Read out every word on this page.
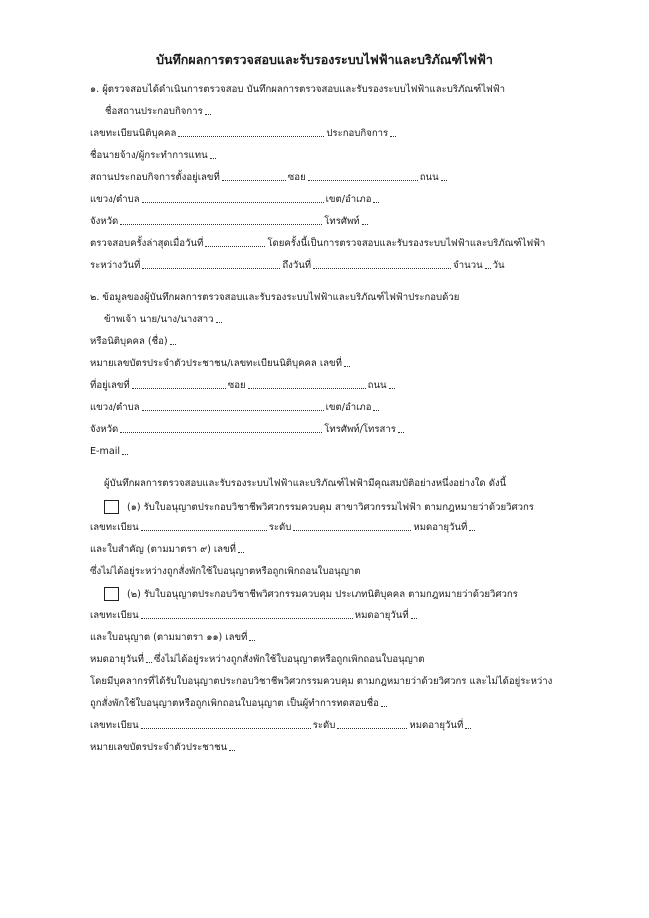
บันทึกผลการตรวจสอบและรับรองระบบไฟฟ้าและบริภัณฑ์ไฟฟ้า
๑. ผู้ตรวจสอบได้ดำเนินการตรวจสอบ บันทึกผลการตรวจสอบและรับรองระบบไฟฟ้าและบริภัณฑ์ไฟฟ้า
ชื่อสถานประกอบกิจการ
เลขทะเบียนนิติบุคคล	ประกอบกิจการ
ชื่อนายจ้าง/ผู้กระทำการแทน
สถานประกอบกิจการตั้งอยู่เลขที่	ซอย	ถนน
แขวง/ตำบล	เขต/อำเภอ
จังหวัด	โทรศัพท์
ตรวจสอบครั้งล่าสุดเมื่อวันที่	โดยครั้งนี้เป็นการตรวจสอบและรับรองระบบไฟฟ้าและบริภัณฑ์ไฟฟ้า
ระหว่างวันที่	ถึงวันที่	จำนวน วัน
๒. ข้อมูลของผู้บันทึกผลการตรวจสอบและรับรองระบบไฟฟ้าและบริภัณฑ์ไฟฟ้าประกอบด้วย
ข้าพเจ้า นาย/นาง/นางสาว
หรือนิติบุคคล (ชื่อ)
หมายเลขบัตรประจำตัวประชาชน/เลขทะเบียนนิติบุคคล เลขที่
ที่อยู่เลขที่	ซอย	ถนน
แขวง/ตำบล	เขต/อำเภอ
จังหวัด	โทรศัพท์/โทรสาร
E-mail
ผู้บันทึกผลการตรวจสอบและรับรองระบบไฟฟ้าและบริภัณฑ์ไฟฟ้ามีคุณสมบัติอย่างหนึ่งอย่างใด ดังนี้
(๑) รับใบอนุญาตประกอบวิชาชีพวิศวกรรมควบคุม สาขาวิศวกรรมไฟฟ้า ตามกฎหมายว่าด้วยวิศวกร
เลขทะเบียน	ระดับ	หมดอายุวันที่
และใบสำคัญ (ตามมาตรา ๙) เลขที่
ซึ่งไม่ได้อยู่ระหว่างถูกสั่งพักใช้ใบอนุญาตหรือถูกเพิกถอนใบอนุญาต
(๒) รับใบอนุญาตประกอบวิชาชีพวิศวกรรมควบคุม ประเภทนิติบุคคล ตามกฎหมายว่าด้วยวิศวกร
เลขทะเบียน	หมดอายุวันที่
และใบอนุญาต (ตามมาตรา ๑๑) เลขที่
หมดอายุวันที่ ซึ่งไม่ได้อยู่ระหว่างถูกสั่งพักใช้ใบอนุญาตหรือถูกเพิกถอนใบอนุญาต
โดยมีบุคลากรที่ได้รับใบอนุญาตประกอบวิชาชีพวิศวกรรมควบคุม ตามกฎหมายว่าด้วยวิศวกร และไม่ได้อยู่ระหว่าง
ถูกสั่งพักใช้ใบอนุญาตหรือถูกเพิกถอนใบอนุญาต เป็นผู้ทำการทดสอบชื่อ
เลขทะเบียน	ระดับ	หมดอายุวันที่
หมายเลขบัตรประจำตัวประชาชน
